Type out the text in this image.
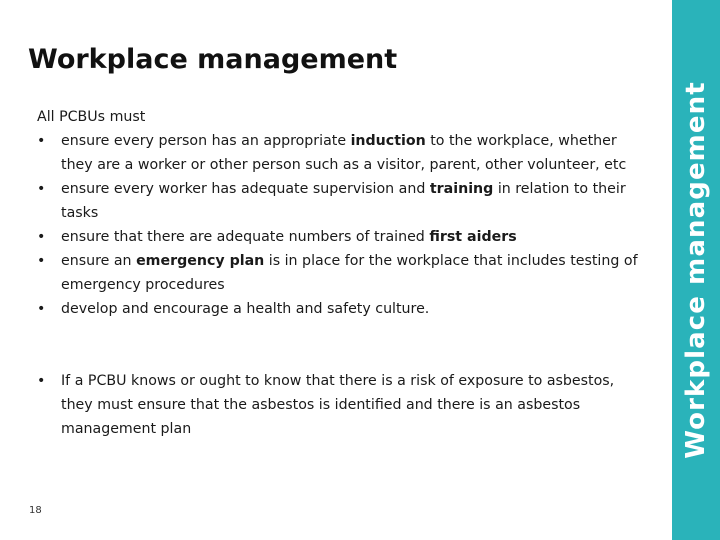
Workplace management
Workplace management
All PCBUs must
•	ensure every person has an appropriate induction to the workplace, whether they are a worker or other person such as a visitor, parent, other volunteer, etc
•	ensure every worker has adequate supervision and training in relation to their tasks
•	ensure that there are adequate numbers of trained first aiders
•	ensure an emergency plan is in place for the workplace that includes testing of emergency procedures
•	develop and encourage a health and safety culture.
•	If a PCBU knows or ought to know that there is a risk of exposure to asbestos, they must ensure that the asbestos is identified and there is an asbestos management plan
18
